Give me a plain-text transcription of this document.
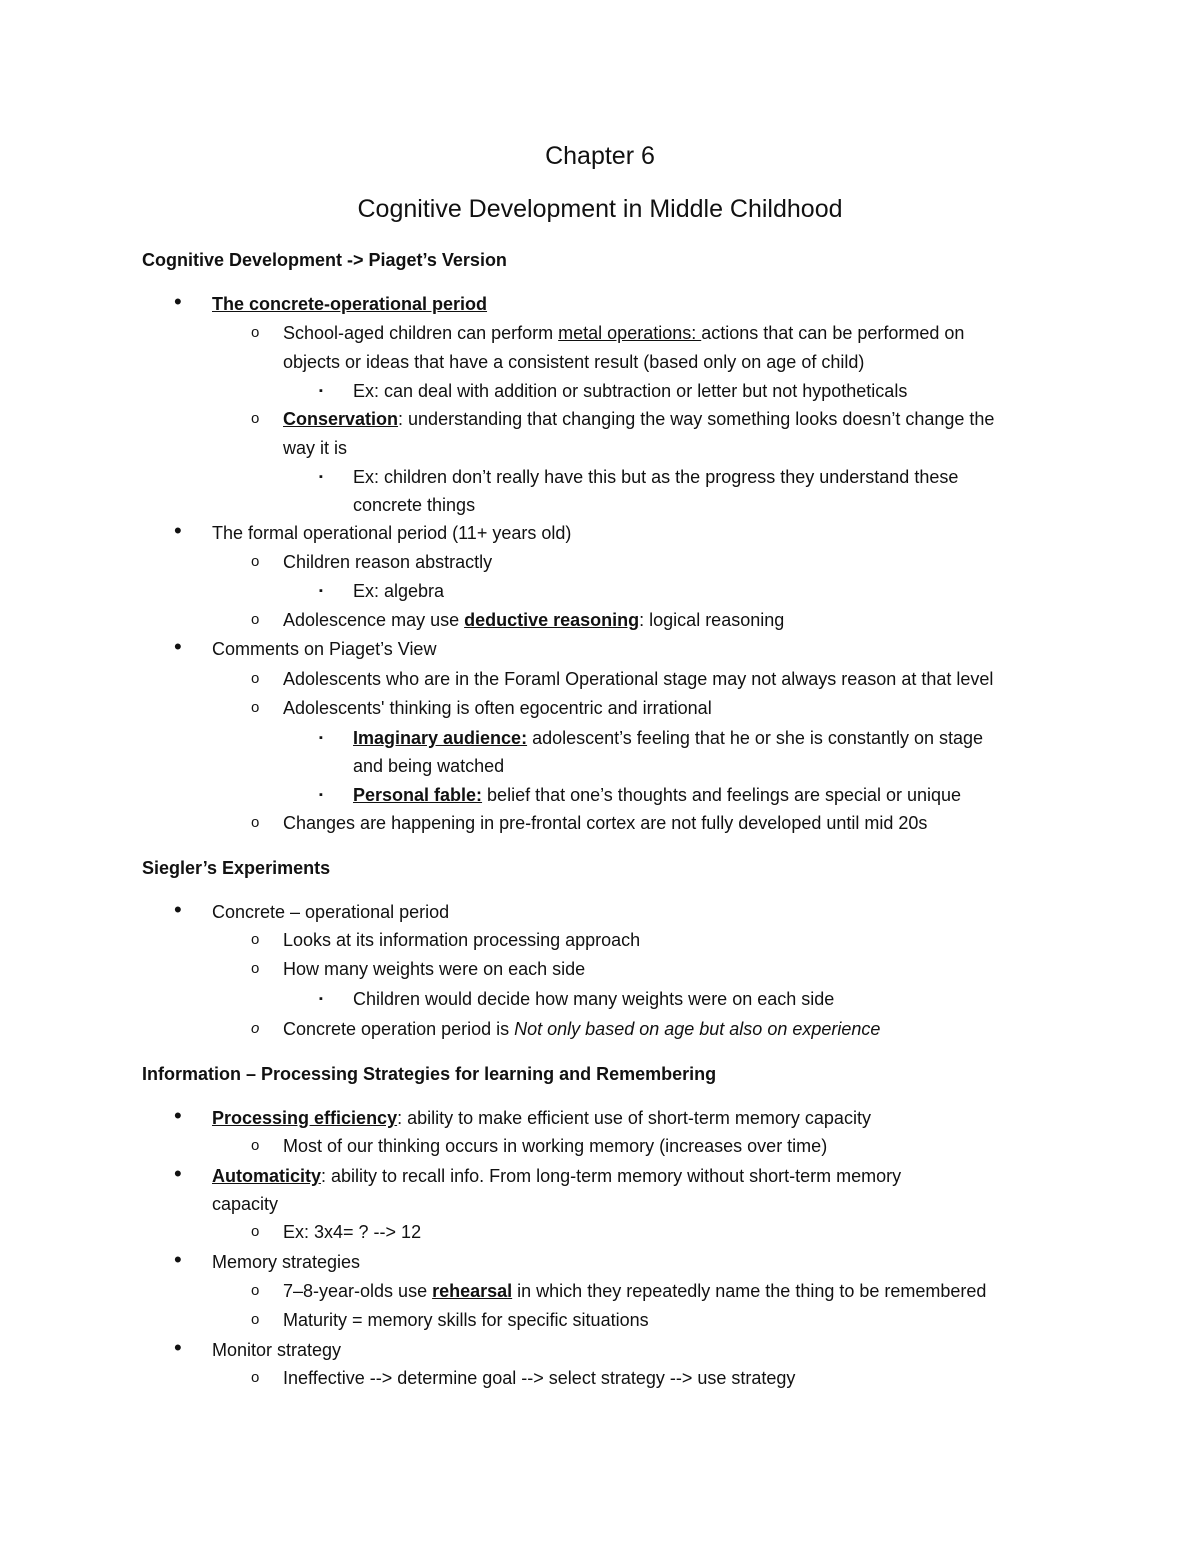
Chapter 6
Cognitive Development in Middle Childhood
Cognitive Development -> Piaget’s Version
The concrete-operational period
•
School-aged children can perform metal operations: actions that can be performed on
o
objects or ideas that have a consistent result (based only on age of child)
Ex: can deal with addition or subtraction or letter but not hypotheticals
▪
Conservation: understanding that changing the way something looks doesn’t change the
o
way it is
Ex: children don’t really have this but as the progress they understand these
▪
concrete things
The formal operational period (11+ years old)
•
Children reason abstractly
o
Ex: algebra
▪
Adolescence may use deductive reasoning: logical reasoning
o
Comments on Piaget’s View
•
Adolescents who are in the Foraml Operational stage may not always reason at that level
o
Adolescents' thinking is often egocentric and irrational
o
Imaginary audience: adolescent’s feeling that he or she is constantly on stage
▪
and being watched
Personal fable: belief that one’s thoughts and feelings are special or unique
▪
Changes are happening in pre-frontal cortex are not fully developed until mid 20s
o
Siegler’s Experiments
Concrete – operational period
•
Looks at its information processing approach
o
How many weights were on each side
o
Children would decide how many weights were on each side
▪
Concrete operation period is Not only based on age but also on experience
o
Information – Processing Strategies for learning and Remembering
Processing efficiency: ability to make efficient use of short-term memory capacity
•
Most of our thinking occurs in working memory (increases over time)
o
Automaticity: ability to recall info. From long-term memory without short-term memory
•
capacity
Ex: 3x4= ? --> 12
o
Memory strategies
•
7–8-year-olds use rehearsal in which they repeatedly name the thing to be remembered
o
Maturity = memory skills for specific situations
o
Monitor strategy
•
Ineffective --> determine goal --> select strategy --> use strategy
o
